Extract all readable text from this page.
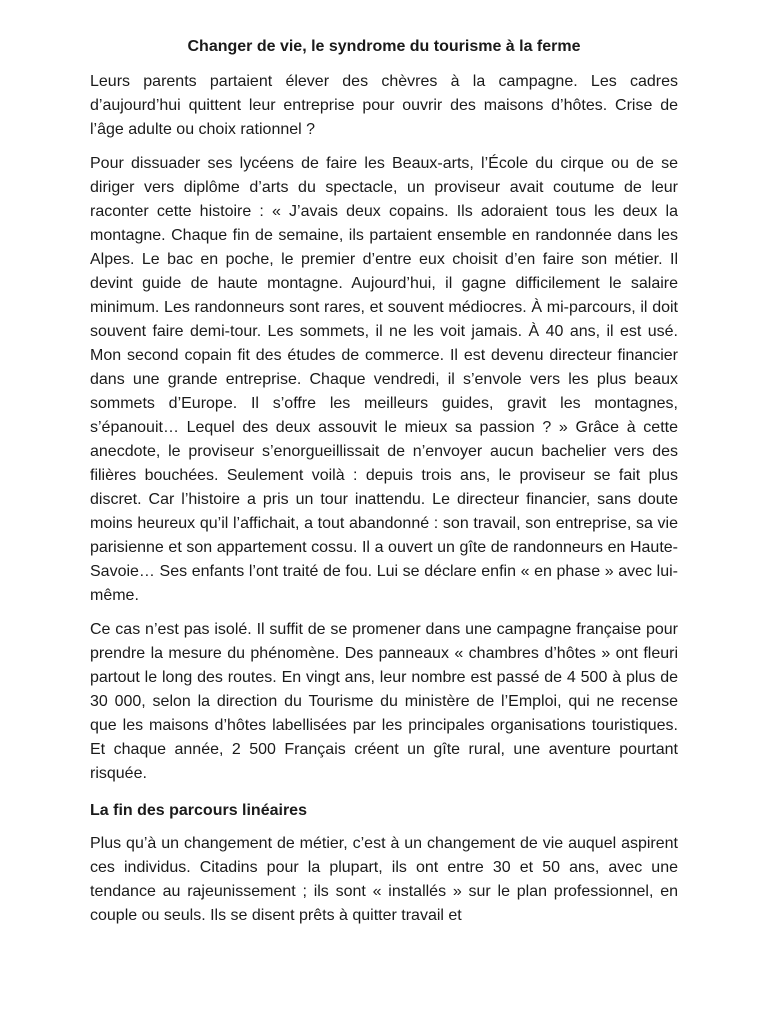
Changer de vie, le syndrome du tourisme à la ferme

Leurs parents partaient élever des chèvres à la campagne. Les cadres d’aujourd’hui quittent leur entreprise pour ouvrir des maisons d’hôtes. Crise de l’âge adulte ou choix rationnel ?

Pour dissuader ses lycéens de faire les Beaux-arts, l’École du cirque ou de se diriger vers diplôme d’arts du spectacle, un proviseur avait coutume de leur raconter cette histoire : « J’avais deux copains. Ils adoraient tous les deux la montagne. Chaque fin de semaine, ils partaient ensemble en randonnée dans les Alpes. Le bac en poche, le premier d’entre eux choisit d’en faire son métier. Il devint guide de haute montagne. Aujourd’hui, il gagne difficilement le salaire minimum. Les randonneurs sont rares, et souvent médiocres. À mi-parcours, il doit souvent faire demi-tour. Les sommets, il ne les voit jamais. À 40 ans, il est usé. Mon second copain fit des études de commerce. Il est devenu directeur financier dans une grande entreprise. Chaque vendredi, il s’envole vers les plus beaux sommets d’Europe. Il s’offre les meilleurs guides, gravit les montagnes, s’épanouit… Lequel des deux assouvit le mieux sa passion ? » Grâce à cette anecdote, le proviseur s’enorgueillissait de n’envoyer aucun bachelier vers des filières bouchées. Seulement voilà : depuis trois ans, le proviseur se fait plus discret. Car l’histoire a pris un tour inattendu. Le directeur financier, sans doute moins heureux qu’il l’affichait, a tout abandonné : son travail, son entreprise, sa vie parisienne et son appartement cossu. Il a ouvert un gîte de randonneurs en Haute-Savoie… Ses enfants l’ont traité de fou. Lui se déclare enfin « en phase » avec lui-même.

Ce cas n’est pas isolé. Il suffit de se promener dans une campagne française pour prendre la mesure du phénomène. Des panneaux « chambres d’hôtes » ont fleuri partout le long des routes. En vingt ans, leur nombre est passé de 4 500 à plus de 30 000, selon la direction du Tourisme du ministère de l’Emploi, qui ne recense que les maisons d’hôtes labellisées par les principales organisations touristiques. Et chaque année, 2 500 Français créent un gîte rural, une aventure pourtant risquée.

La fin des parcours linéaires

Plus qu’à un changement de métier, c’est à un changement de vie auquel aspirent ces individus. Citadins pour la plupart, ils ont entre 30 et 50 ans, avec une tendance au rajeunissement ; ils sont « installés » sur le plan professionnel, en couple ou seuls. Ils se disent prêts à quitter travail et
